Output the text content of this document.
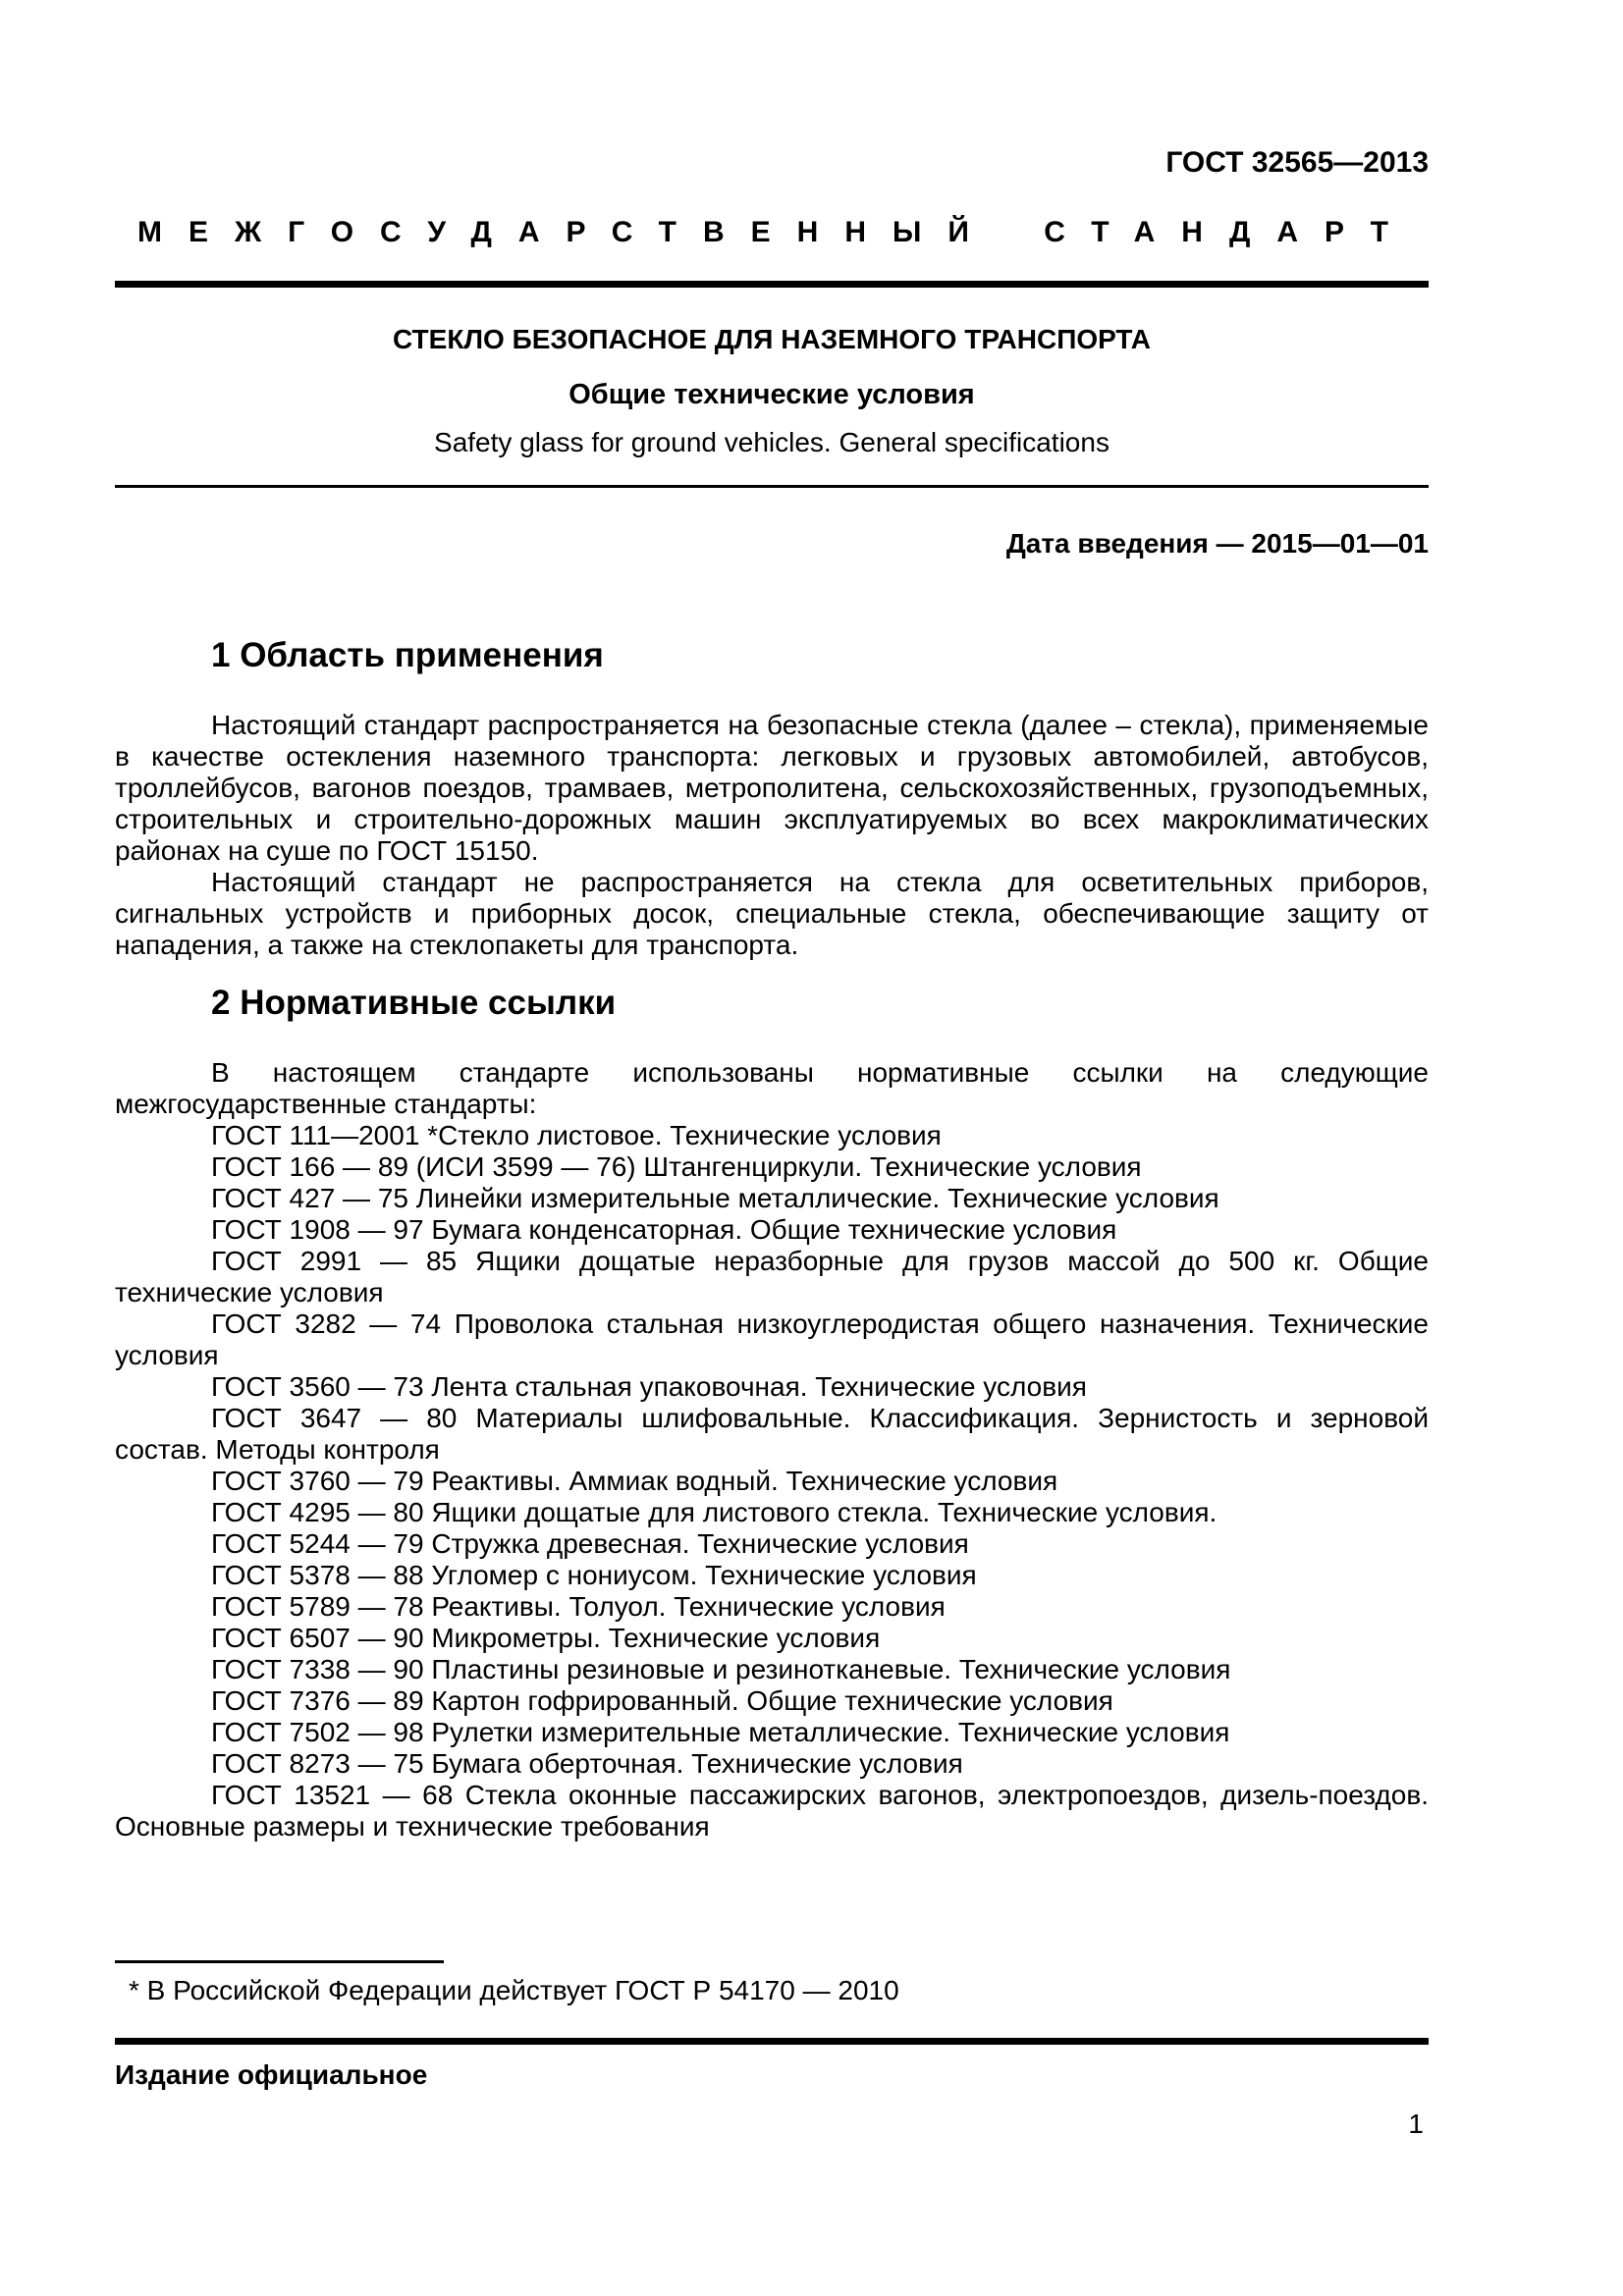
ГОСТ 32565—2013
МЕЖГОСУДАРСТВЕННЫЙ СТАНДАРТ
СТЕКЛО БЕЗОПАСНОЕ ДЛЯ НАЗЕМНОГО ТРАНСПОРТА
Общие технические условия
Safety glass for ground vehicles. General specifications
Дата введения — 2015—01—01
1 Область применения

Настоящий стандарт распространяется на безопасные стекла (далее – стекла), применяемые в качестве остекления наземного транспорта: легковых и грузовых автомобилей, автобусов, троллейбусов, вагонов поездов, трамваев, метрополитена, сельскохозяйственных, грузоподъемных, строительных и строительно-дорожных машин эксплуатируемых во всех макроклиматических районах на суше по ГОСТ 15150.

Настоящий стандарт не распространяется на стекла для осветительных приборов, сигнальных устройств и приборных досок, специальные стекла, обеспечивающие защиту от нападения, а также на стеклопакеты для транспорта.

2 Нормативные ссылки

В настоящем стандарте использованы нормативные ссылки на следующие межгосударственные стандарты:

ГОСТ 111—2001 *Стекло листовое. Технические условия

ГОСТ 166 — 89 (ИСИ 3599 — 76) Штангенциркули. Технические условия

ГОСТ 427 — 75 Линейки измерительные металлические. Технические условия

ГОСТ 1908 — 97 Бумага конденсаторная. Общие технические условия

ГОСТ 2991 — 85 Ящики дощатые неразборные для грузов массой до 500 кг. Общие технические условия

ГОСТ 3282 — 74 Проволока стальная низкоуглеродистая общего назначения. Технические условия

ГОСТ 3560 — 73 Лента стальная упаковочная. Технические условия

ГОСТ 3647 — 80 Материалы шлифовальные. Классификация. Зернистость и зерновой состав. Методы контроля

ГОСТ 3760 — 79 Реактивы. Аммиак водный. Технические условия

ГОСТ 4295 — 80 Ящики дощатые для листового стекла. Технические условия.

ГОСТ 5244 — 79 Стружка древесная. Технические условия

ГОСТ 5378 — 88 Угломер с нониусом. Технические условия

ГОСТ 5789 — 78 Реактивы. Толуол. Технические условия

ГОСТ 6507 — 90 Микрометры. Технические условия

ГОСТ 7338 — 90 Пластины резиновые и резинотканевые. Технические условия

ГОСТ 7376 — 89 Картон гофрированный. Общие технические условия

ГОСТ 7502 — 98 Рулетки измерительные металлические. Технические условия

ГОСТ 8273 — 75 Бумага оберточная. Технические условия

ГОСТ 13521 — 68 Стекла оконные пассажирских вагонов, электропоездов, дизель-поездов. Основные размеры и технические требования

* В Российской Федерации действует ГОСТ Р 54170 — 2010
Издание официальное
1
